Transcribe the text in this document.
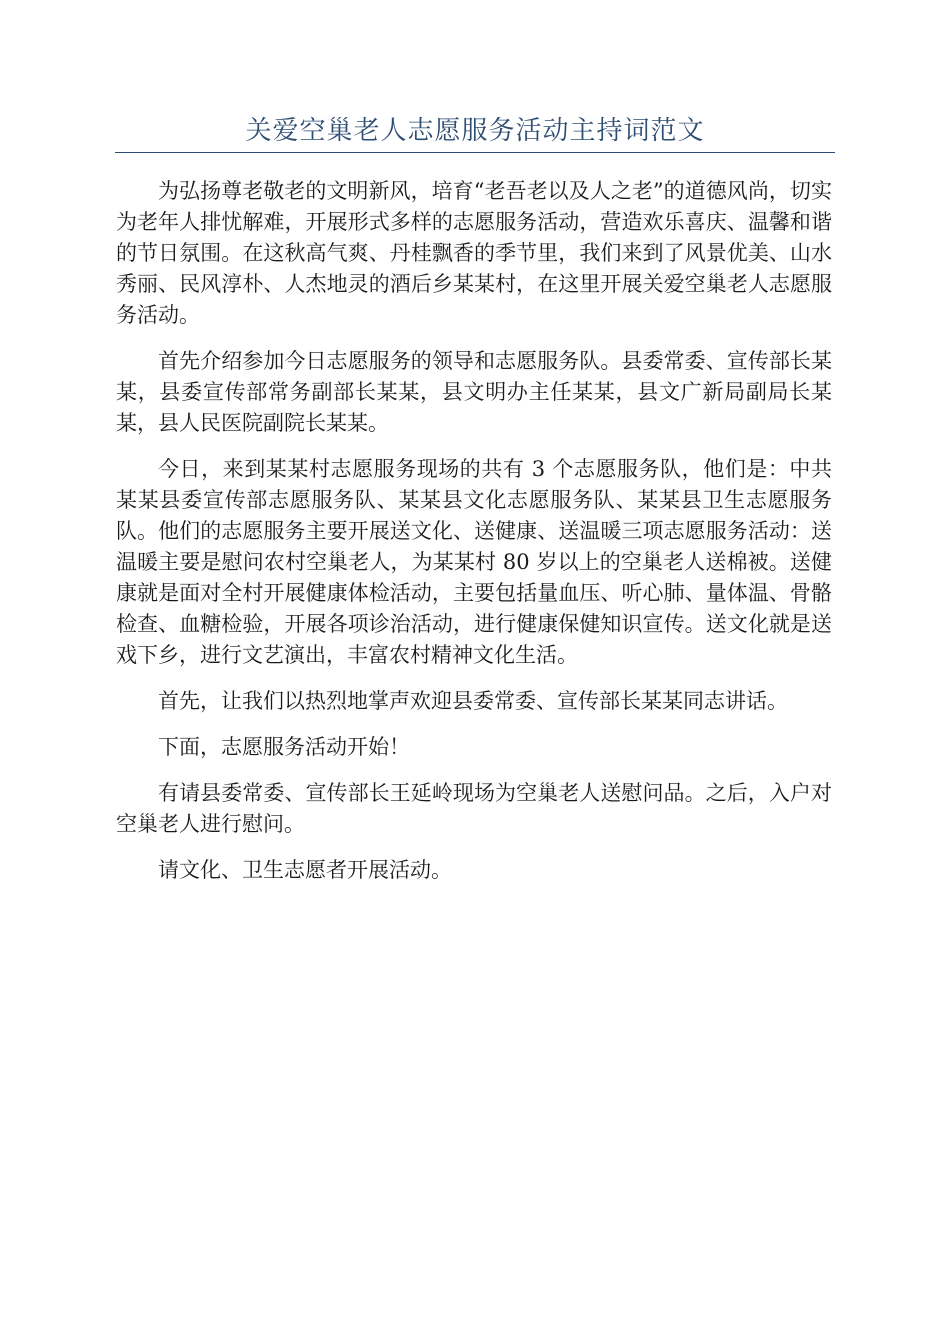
关爱空巢老人志愿服务活动主持词范文

为弘扬尊老敬老的文明新风，培育“老吾老以及人之老”的道德风尚，切实为老年人排忧解难，开展形式多样的志愿服务活动，营造欢乐喜庆、温馨和谐的节日氛围。在这秋高气爽、丹桂飘香的季节里，我们来到了风景优美、山水秀丽、民风淳朴、人杰地灵的酒后乡某某村，在这里开展关爱空巢老人志愿服务活动。

首先介绍参加今日志愿服务的领导和志愿服务队。县委常委、宣传部长某某，县委宣传部常务副部长某某，县文明办主任某某，县文广新局副局长某某，县人民医院副院长某某。

今日，来到某某村志愿服务现场的共有 3 个志愿服务队，他们是：中共某某县委宣传部志愿服务队、某某县文化志愿服务队、某某县卫生志愿服务队。他们的志愿服务主要开展送文化、送健康、送温暖三项志愿服务活动：送温暖主要是慰问农村空巢老人，为某某村 80 岁以上的空巢老人送棉被。送健康就是面对全村开展健康体检活动，主要包括量血压、听心肺、量体温、骨骼检查、血糖检验，开展各项诊治活动，进行健康保健知识宣传。送文化就是送戏下乡，进行文艺演出，丰富农村精神文化生活。

首先，让我们以热烈地掌声欢迎县委常委、宣传部长某某同志讲话。

下面，志愿服务活动开始！

有请县委常委、宣传部长王延岭现场为空巢老人送慰问品。之后，入户对空巢老人进行慰问。

请文化、卫生志愿者开展活动。
